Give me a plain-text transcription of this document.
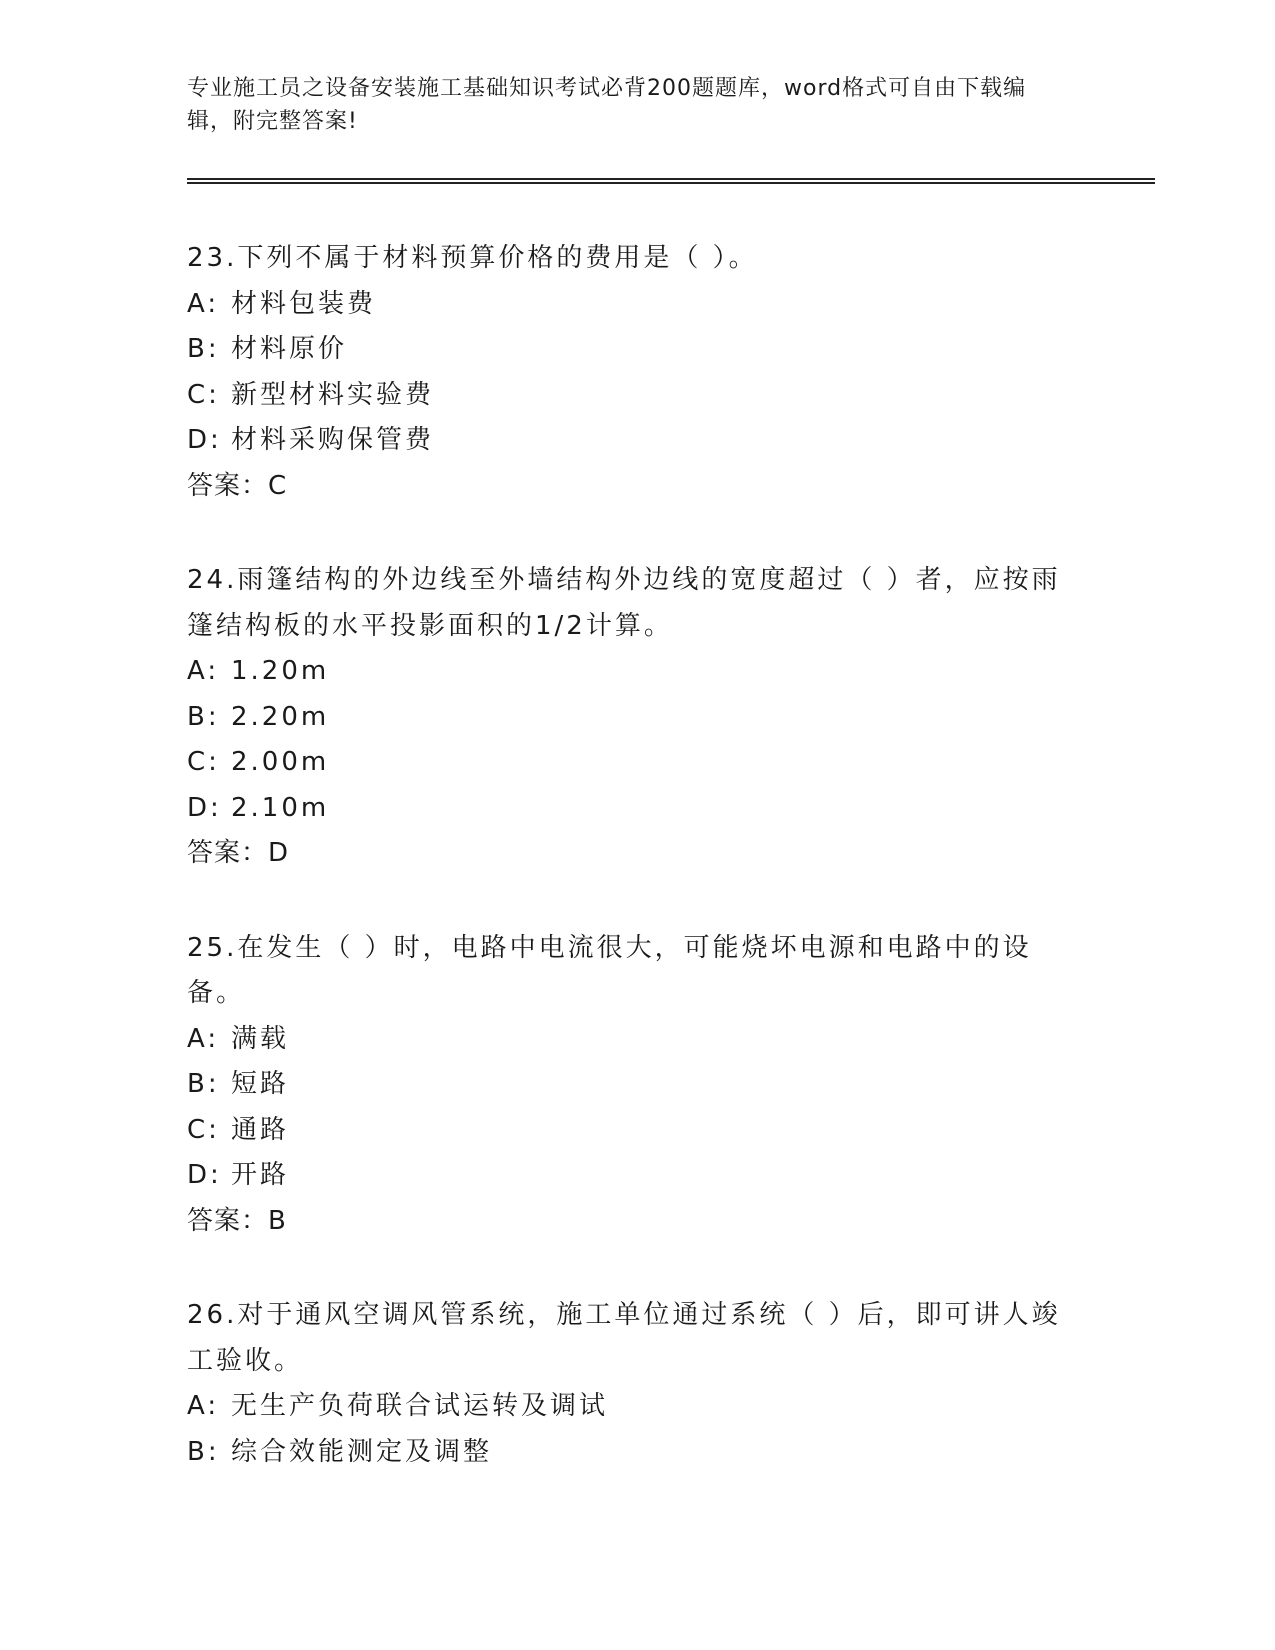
专业施工员之设备安装施工基础知识考试必背200题题库，word格式可自由下载编辑，附完整答案!
23.下列不属于材料预算价格的费用是（ ）。
A: 材料包装费
B: 材料原价
C: 新型材料实验费
D: 材料采购保管费
答案：C
24.雨篷结构的外边线至外墙结构外边线的宽度超过（ ）者，应按雨篷结构板的水平投影面积的1/2计算。
A: 1.20m
B: 2.20m
C: 2.00m
D: 2.10m
答案：D
25.在发生（ ）时，电路中电流很大，可能烧坏电源和电路中的设备。
A: 满载
B: 短路
C: 通路
D: 开路
答案：B
26.对于通风空调风管系统，施工单位通过系统（ ）后，即可讲人竣工验收。
A: 无生产负荷联合试运转及调试
B: 综合效能测定及调整
